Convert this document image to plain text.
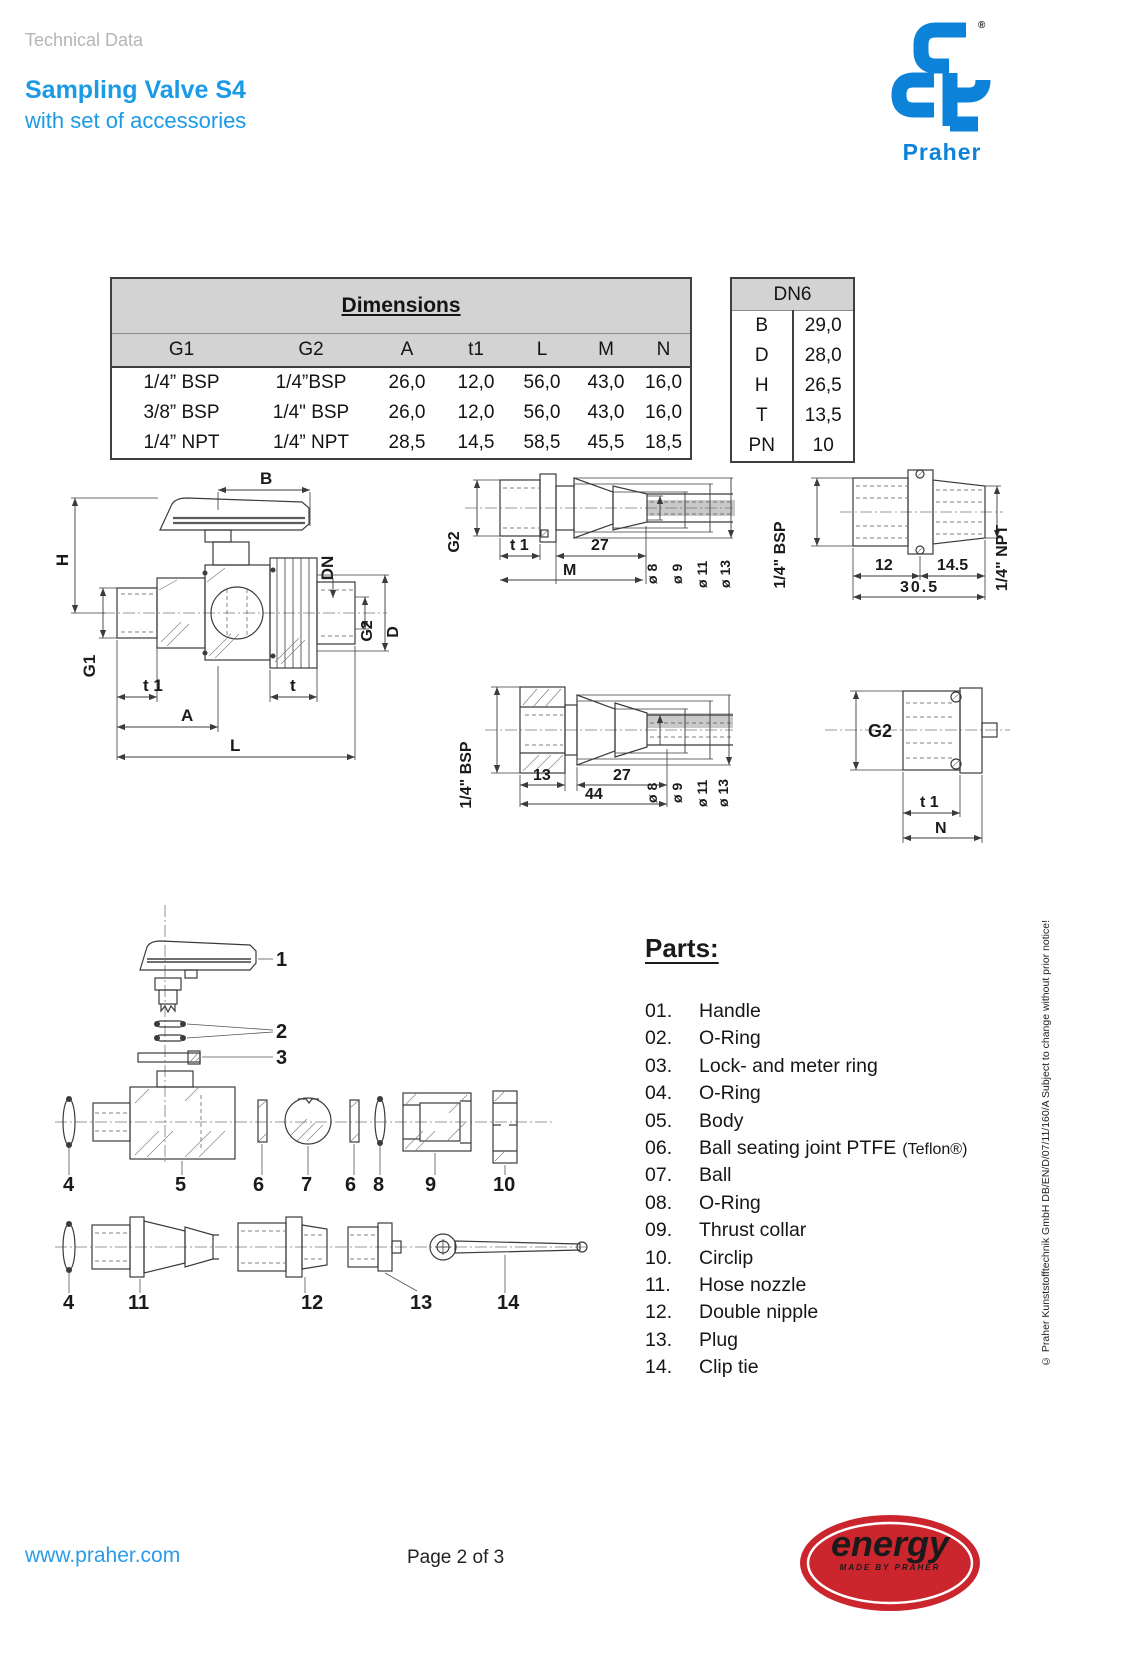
Technical Data
Sampling Valve S4
with set of accessories
®
Praher
Dimensions						
G1	G2	A	t1	L	M	N
1/4” BSP	1/4”BSP	26,0	12,0	56,0	43,0	16,0
3/8” BSP	1/4" BSP	26,0	12,0	56,0	43,0	16,0
1/4” NPT	1/4” NPT	28,5	14,5	58,5	45,5	18,5
DN6	
B	29,0
D	28,0
H	26,5
T	13,5
PN	10
B
H
G1
DN
G2 D
t 1	t
A
L
G2	t 1	27
M	ø 8 ø 9 ø 11 ø 13 1/4" BSP	1/4" NPT
12	14.5
30.5
1/4" BSP	13	27
44	ø 8 ø 9 ø 11 ø 13
G2
t 1
N
1
2
3
5	6 7 6 8 9	10
4
4	11	12	13	14
Parts:
01.	Handle
02.	O-Ring
03.	Lock- and meter ring
04.	O-Ring
05.	Body
06.	Ball seating joint PTFE (Teflon®)
07.	Ball
08.	O-Ring
09.	Thrust collar
10.	Circlip
11.	Hose nozzle
12.	Double nipple
13.	Plug
14.	Clip tie
© Praher Kunststofftechnik GmbH DB/EN/D/07/11/160/A Subject to change without prior notice!
www.praher.com	Page 2 of 3	energy
MADE BY PRAHER
